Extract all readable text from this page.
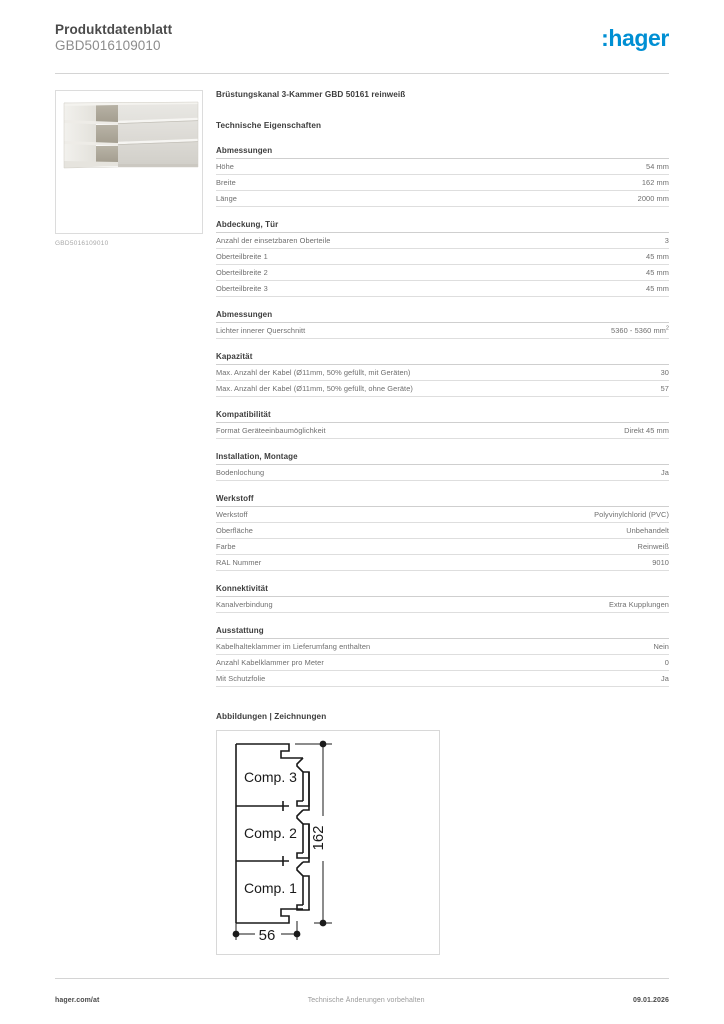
Produktdatenblatt
GBD5016109010	:hager
GBD5016109010
Brüstungskanal 3-Kammer GBD 50161 reinweiß
Technische Eigenschaften
Abmessungen
Höhe	54 mm
Breite	162 mm
Länge	2000 mm
Abdeckung, Tür
Anzahl der einsetzbaren Oberteile	3
Oberteilbreite 1	45 mm
Oberteilbreite 2	45 mm
Oberteilbreite 3	45 mm
Abmessungen
Lichter innerer Querschnitt	5360 - 5360 $mm^2$
Kapazität
Max. Anzahl der Kabel (Ø11mm, 50% gefüllt, mit Geräten)	30
Max. Anzahl der Kabel (Ø11mm, 50% gefüllt, ohne Geräte)	57
Kompatibilität
Format Geräteeinbaumöglichkeit	Direkt 45 mm
Installation, Montage
Bodenlochung	Ja
Werkstoff
Werkstoff	Polyvinylchlorid (PVC)
Oberfläche	Unbehandelt
Farbe	Reinweiß
RAL Nummer	9010
Konnektivität
Kanalverbindung	Extra Kupplungen
Ausstattung
Kabelhalteklammer im Lieferumfang enthalten	Nein
Anzahl Kabelklammer pro Meter	0
Mit Schutzfolie	Ja
Abbildungen | Zeichnungen
162
56
Comp. 3
Comp. 2
Comp. 1
hager.com/at	Technische Änderungen vorbehalten	09.01.2026
